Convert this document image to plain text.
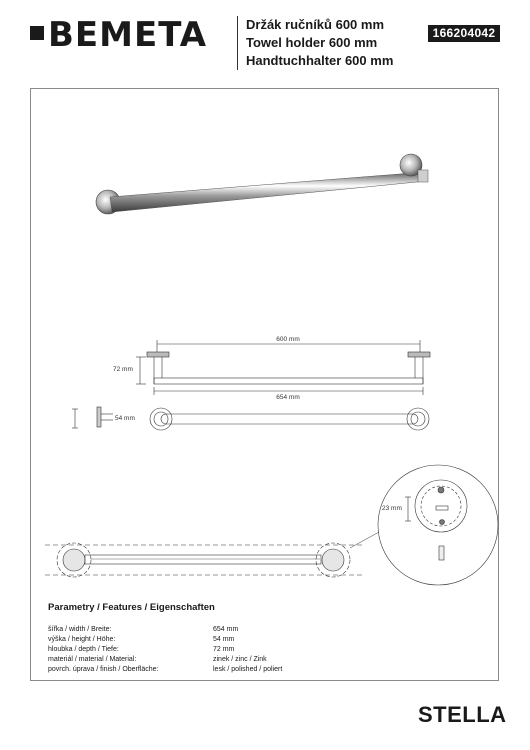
BEMETA	Držák ručníků 600 mm
Towel holder 600 mm
Handtuchhalter 600 mm
166204042
600 mm
72 mm
654 mm
54 mm
23 mm
Parametry / Features / Eigenschaften
šířka / width / Breite:	654 mm
výška / height / Höhe:	54 mm
hloubka / depth / Tiefe:	72 mm
materiál / material / Material:	zinek / zinc / Zink
povrch. úprava / finish / Oberfläche:	lesk / polished / poliert
STELLA
